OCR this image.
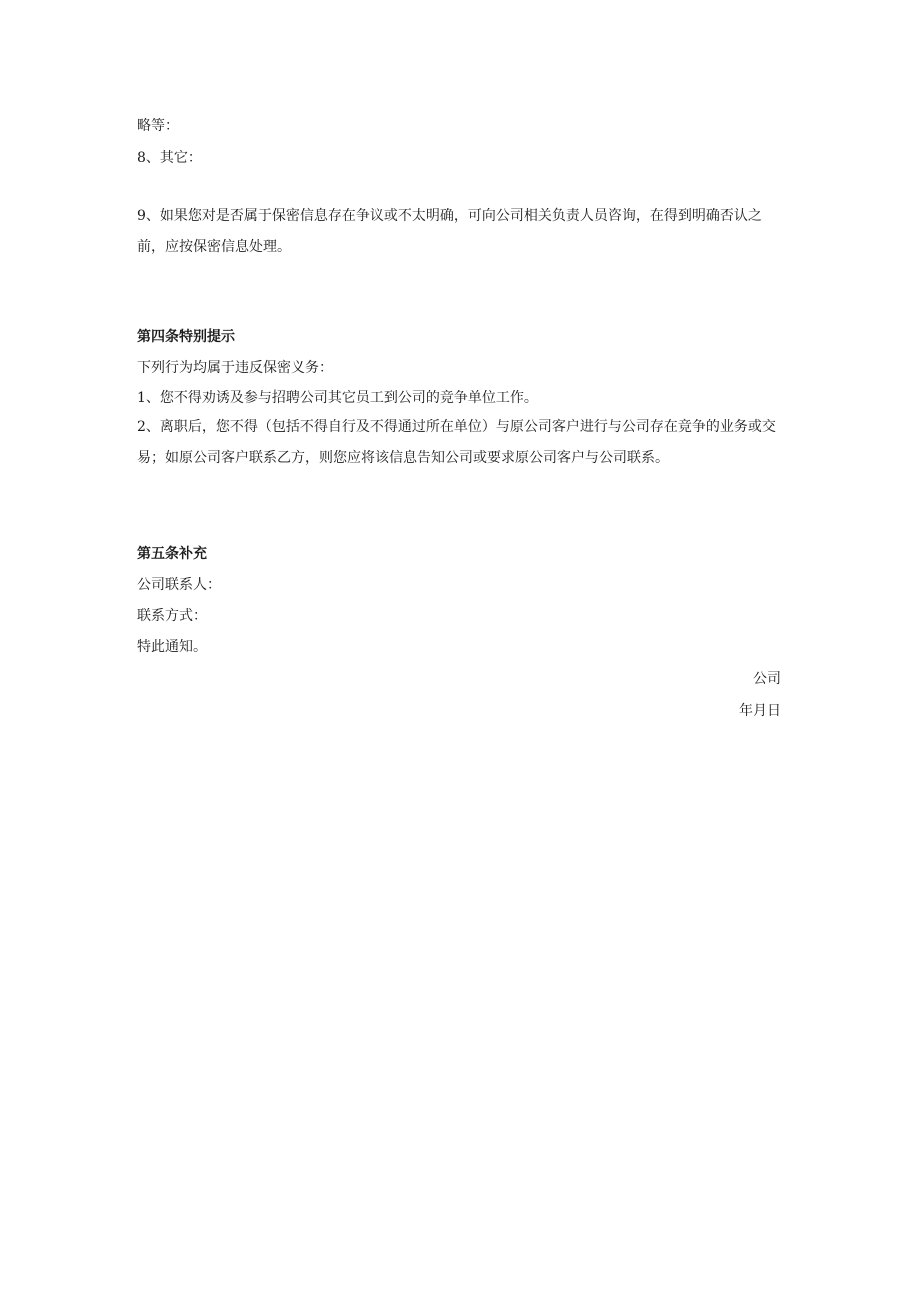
略等：
8、其它：
9、如果您对是否属于保密信息存在争议或不太明确，可向公司相关负责人员咨询，在得到明确否认之前，应按保密信息处理。
第四条特别提示
下列行为均属于违反保密义务：
1、您不得劝诱及参与招聘公司其它员工到公司的竞争单位工作。
2、离职后，您不得（包括不得自行及不得通过所在单位）与原公司客户进行与公司存在竞争的业务或交易；如原公司客户联系乙方，则您应将该信息告知公司或要求原公司客户与公司联系。
第五条补充
公司联系人：
联系方式：
特此通知。
公司
年月日
